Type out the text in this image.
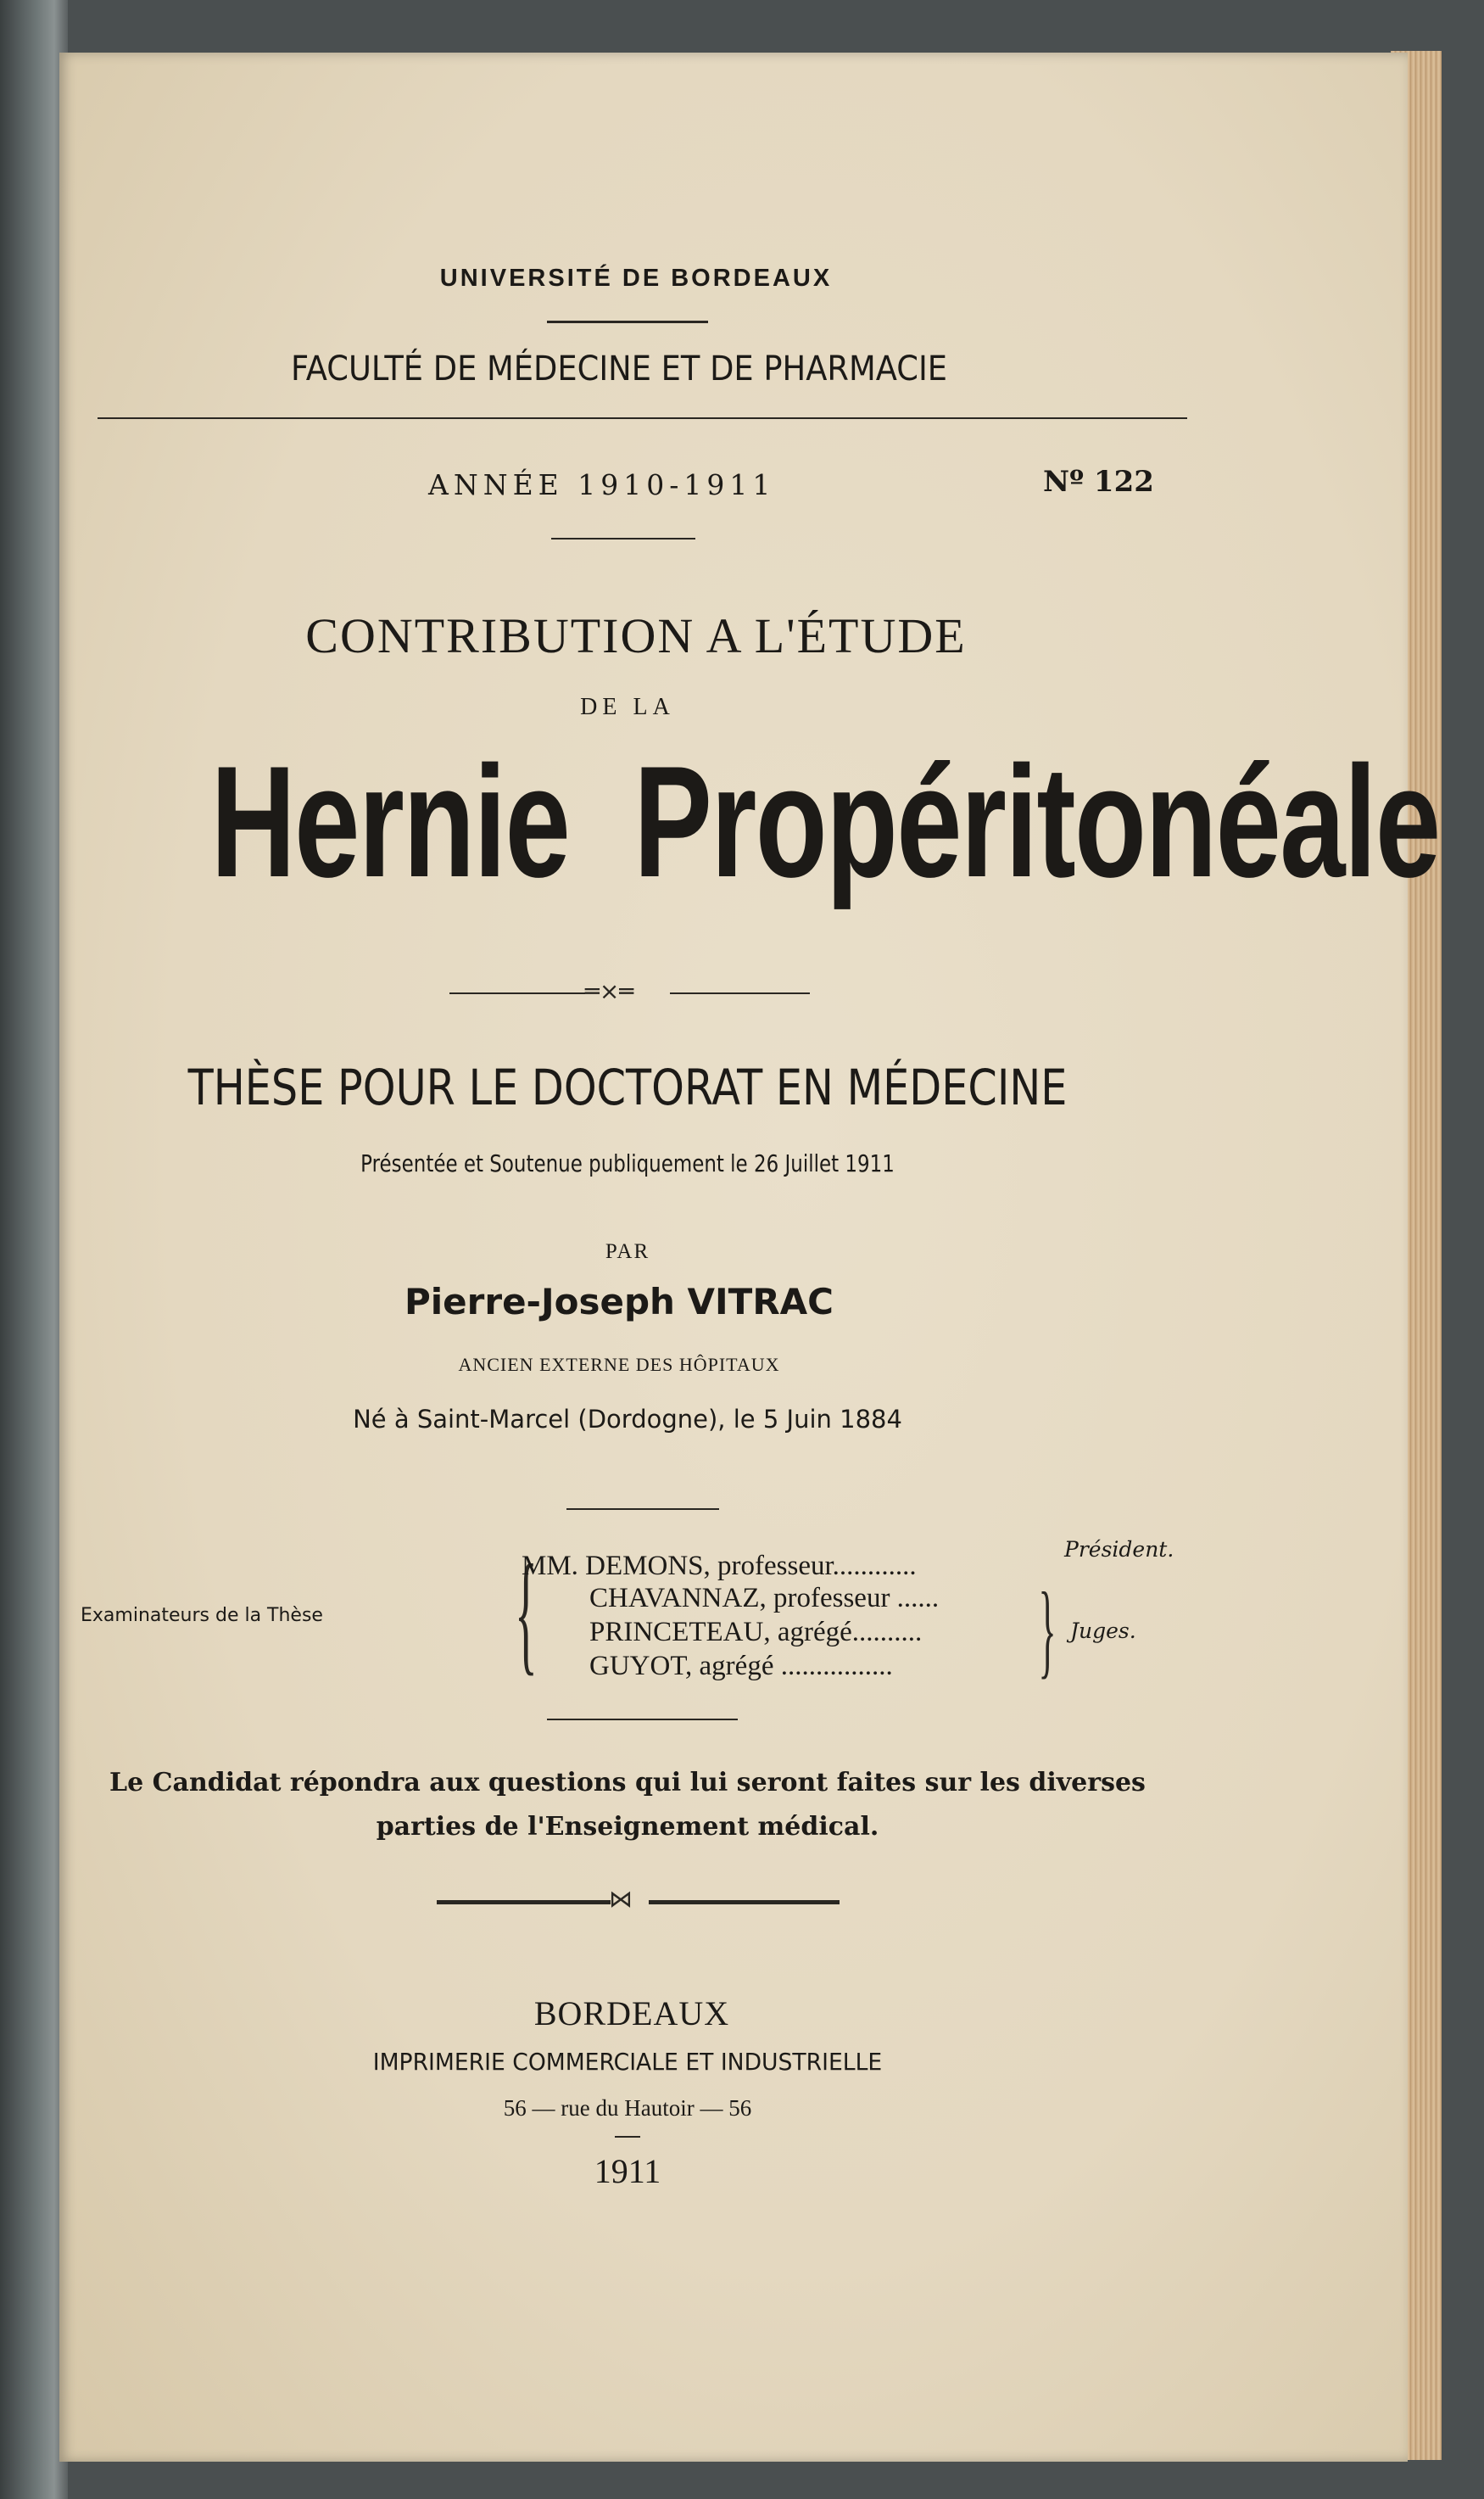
UNIVERSITÉ DE BORDEAUX
FACULTÉ DE MÉDECINE ET DE PHARMACIE
ANNÉE 1910-1911	Nº 122
CONTRIBUTION A L'ÉTUDE
DE LA
Hernie Propéritonéale
═×═
THÈSE POUR LE DOCTORAT EN MÉDECINE
Présentée et Soutenue publiquement le 26 Juillet 1911
PAR
Pierre-Joseph VITRAC
ANCIEN EXTERNE DES HÔPITAUX
Né à Saint-Marcel (Dordogne), le 5 Juin 1884
Examinateurs de la Thèse	{
MM. DEMONS, professeur............
CHAVANNAZ, professeur ......
PRINCETEAU, agrégé..........
GUYOT, agrégé ................ }
Président.
Juges.
Le Candidat répondra aux questions qui lui seront faites sur les diverses parties de l'Enseignement médical.
⋈
BORDEAUX
IMPRIMERIE COMMERCIALE ET INDUSTRIELLE
56 — rue du Hautoir — 56
1911
